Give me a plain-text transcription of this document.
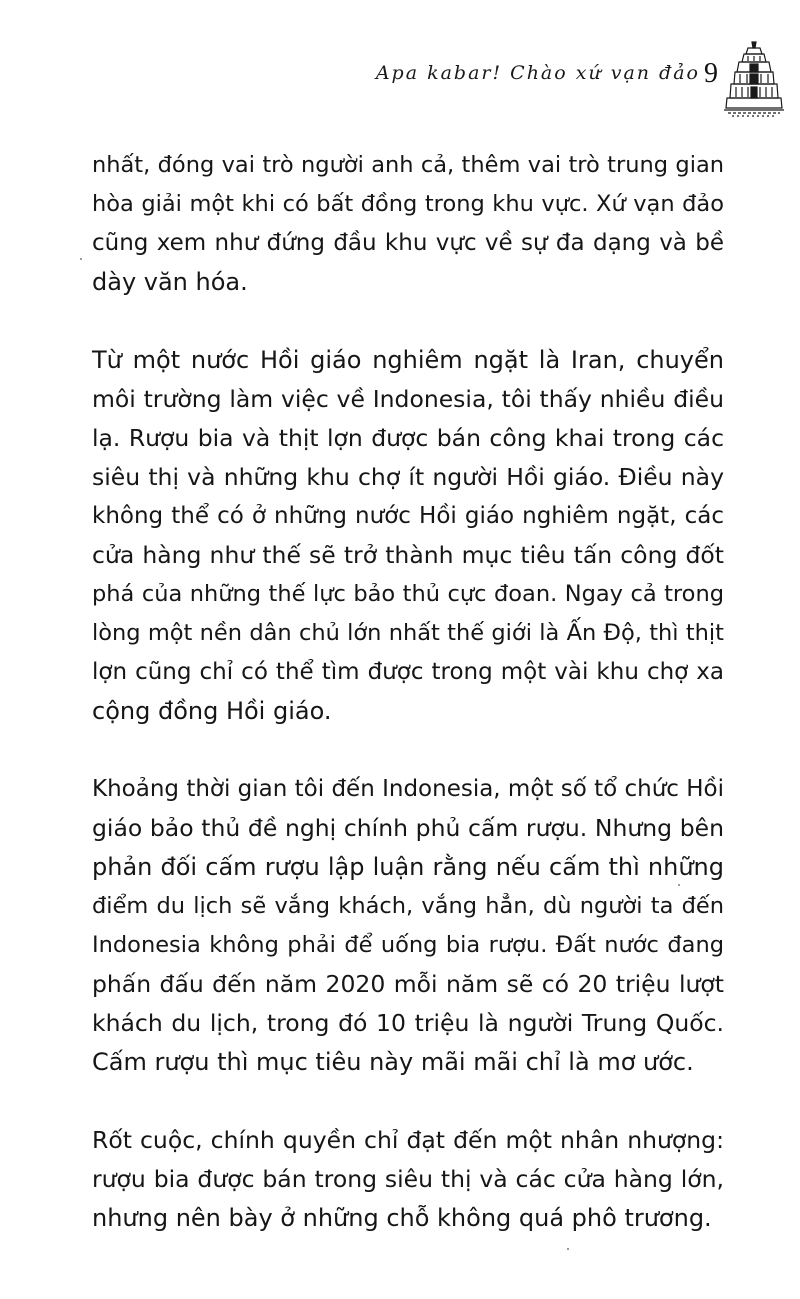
Apa kabar! Chào xứ vạn đảo 9
nhất, đóng vai trò người anh cả, thêm vai trò trung gian
hòa giải một khi có bất đồng trong khu vực. Xứ vạn đảo
cũng xem như đứng đầu khu vực về sự đa dạng và bề
dày văn hóa.
Từ một nước Hồi giáo nghiêm ngặt là Iran, chuyển
môi trường làm việc về Indonesia, tôi thấy nhiều điều
lạ. Rượu bia và thịt lợn được bán công khai trong các
siêu thị và những khu chợ ít người Hồi giáo. Điều này
không thể có ở những nước Hồi giáo nghiêm ngặt, các
cửa hàng như thế sẽ trở thành mục tiêu tấn công đốt
phá của những thế lực bảo thủ cực đoan. Ngay cả trong
lòng một nền dân chủ lớn nhất thế giới là Ấn Độ, thì thịt
lợn cũng chỉ có thể tìm được trong một vài khu chợ xa
cộng đồng Hồi giáo.
Khoảng thời gian tôi đến Indonesia, một số tổ chức Hồi
giáo bảo thủ đề nghị chính phủ cấm rượu. Nhưng bên
phản đối cấm rượu lập luận rằng nếu cấm thì những
điểm du lịch sẽ vắng khách, vắng hẳn, dù người ta đến
Indonesia không phải để uống bia rượu. Đất nước đang
phấn đấu đến năm 2020 mỗi năm sẽ có 20 triệu lượt
khách du lịch, trong đó 10 triệu là người Trung Quốc.
Cấm rượu thì mục tiêu này mãi mãi chỉ là mơ ước.
Rốt cuộc, chính quyền chỉ đạt đến một nhân nhượng:
rượu bia được bán trong siêu thị và các cửa hàng lớn,
nhưng nên bày ở những chỗ không quá phô trương.
